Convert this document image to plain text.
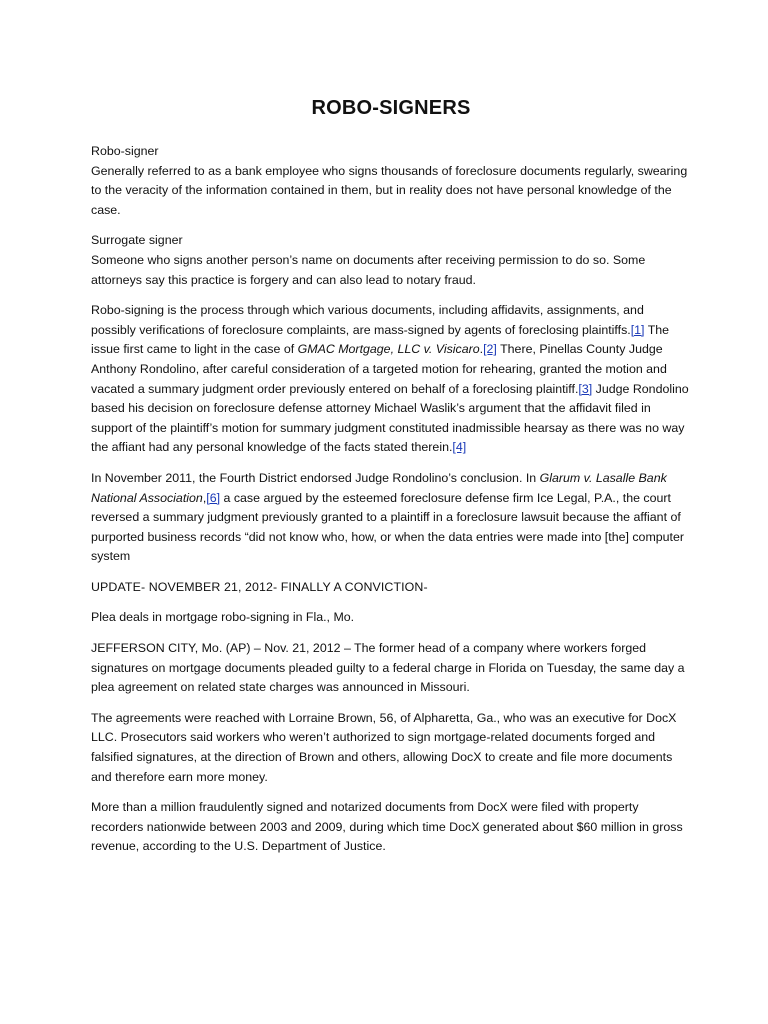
ROBO-SIGNERS

Robo-signer
Generally referred to as a bank employee who signs thousands of foreclosure documents regularly, swearing to the veracity of the information contained in them, but in reality does not have personal knowledge of the case.

Surrogate signer
Someone who signs another person’s name on documents after receiving permission to do so. Some attorneys say this practice is forgery and can also lead to notary fraud.

Robo-signing is the process through which various documents, including affidavits, assignments, and possibly verifications of foreclosure complaints, are mass-signed by agents of foreclosing plaintiffs.[1] The issue first came to light in the case of GMAC Mortgage, LLC v. Visicaro.[2] There, Pinellas County Judge Anthony Rondolino, after careful consideration of a targeted motion for rehearing, granted the motion and vacated a summary judgment order previously entered on behalf of a foreclosing plaintiff.[3] Judge Rondolino based his decision on foreclosure defense attorney Michael Waslik’s argument that the affidavit filed in support of the plaintiff’s motion for summary judgment constituted inadmissible hearsay as there was no way the affiant had any personal knowledge of the facts stated therein.[4]

In November 2011, the Fourth District endorsed Judge Rondolino’s conclusion. In Glarum v. Lasalle Bank National Association,[6] a case argued by the esteemed foreclosure defense firm Ice Legal, P.A., the court reversed a summary judgment previously granted to a plaintiff in a foreclosure lawsuit because the affiant of purported business records “did not know who, how, or when the data entries were made into [the] computer system

UPDATE- NOVEMBER 21, 2012- FINALLY A CONVICTION-

Plea deals in mortgage robo-signing in Fla., Mo.

JEFFERSON CITY, Mo. (AP) – Nov. 21, 2012 – The former head of a company where workers forged signatures on mortgage documents pleaded guilty to a federal charge in Florida on Tuesday, the same day a plea agreement on related state charges was announced in Missouri.

The agreements were reached with Lorraine Brown, 56, of Alpharetta, Ga., who was an executive for DocX LLC. Prosecutors said workers who weren’t authorized to sign mortgage-related documents forged and falsified signatures, at the direction of Brown and others, allowing DocX to create and file more documents and therefore earn more money.

More than a million fraudulently signed and notarized documents from DocX were filed with property recorders nationwide between 2003 and 2009, during which time DocX generated about $60 million in gross revenue, according to the U.S. Department of Justice.
